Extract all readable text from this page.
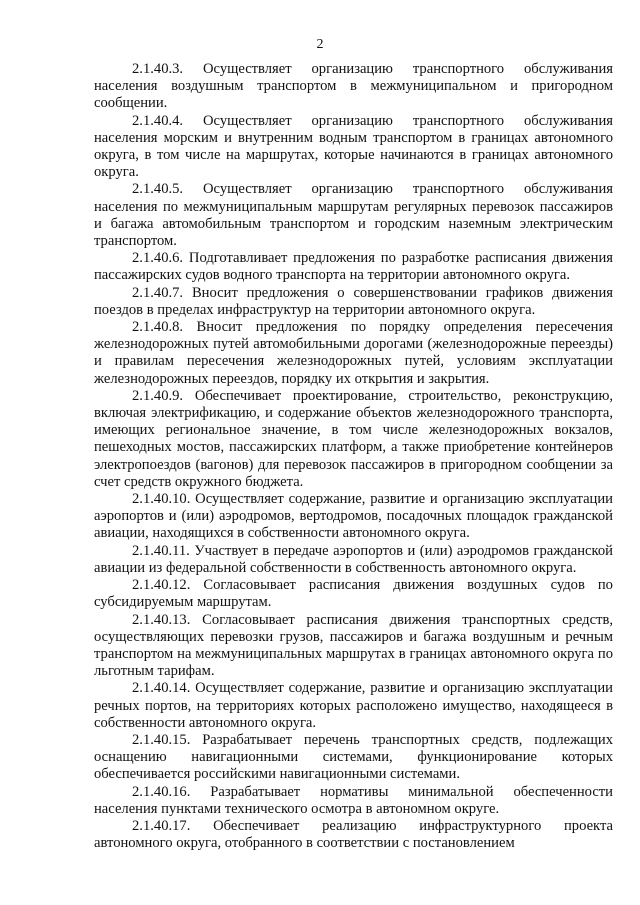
2

2.1.40.3. Осуществляет организацию транспортного обслуживания населения воздушным транспортом в межмуниципальном и пригородном сообщении.

2.1.40.4. Осуществляет организацию транспортного обслуживания населения морским и внутренним водным транспортом в границах автономного округа, в том числе на маршрутах, которые начинаются в границах автономного округа.

2.1.40.5. Осуществляет организацию транспортного обслуживания населения по межмуниципальным маршрутам регулярных перевозок пассажиров и багажа автомобильным транспортом и городским наземным электрическим транспортом.

2.1.40.6. Подготавливает предложения по разработке расписания движения пассажирских судов водного транспорта на территории автономного округа.

2.1.40.7. Вносит предложения о совершенствовании графиков движения поездов в пределах инфраструктур на территории автономного округа.

2.1.40.8. Вносит предложения по порядку определения пересечения железнодорожных путей автомобильными дорогами (железнодорожные переезды) и правилам пересечения железнодорожных путей, условиям эксплуатации железнодорожных переездов, порядку их открытия и закрытия.

2.1.40.9. Обеспечивает проектирование, строительство, реконструкцию, включая электрификацию, и содержание объектов железнодорожного транспорта, имеющих региональное значение, в том числе железнодорожных вокзалов, пешеходных мостов, пассажирских платформ, а также приобретение контейнеров электропоездов (вагонов) для перевозок пассажиров в пригородном сообщении за счет средств окружного бюджета.

2.1.40.10. Осуществляет содержание, развитие и организацию эксплуатации аэропортов и (или) аэродромов, вертодромов, посадочных площадок гражданской авиации, находящихся в собственности автономного округа.

2.1.40.11. Участвует в передаче аэропортов и (или) аэродромов гражданской авиации из федеральной собственности в собственность автономного округа.

2.1.40.12. Согласовывает расписания движения воздушных судов по субсидируемым маршрутам.

2.1.40.13. Согласовывает расписания движения транспортных средств, осуществляющих перевозки грузов, пассажиров и багажа воздушным и речным транспортом на межмуниципальных маршрутах в границах автономного округа по льготным тарифам.

2.1.40.14. Осуществляет содержание, развитие и организацию эксплуатации речных портов, на территориях которых расположено имущество, находящееся в собственности автономного округа.

2.1.40.15. Разрабатывает перечень транспортных средств, подлежащих оснащению навигационными системами, функционирование которых обеспечивается российскими навигационными системами.

2.1.40.16. Разрабатывает нормативы минимальной обеспеченности населения пунктами технического осмотра в автономном округе.

2.1.40.17. Обеспечивает реализацию инфраструктурного проекта автономного округа, отобранного в соответствии с постановлением
